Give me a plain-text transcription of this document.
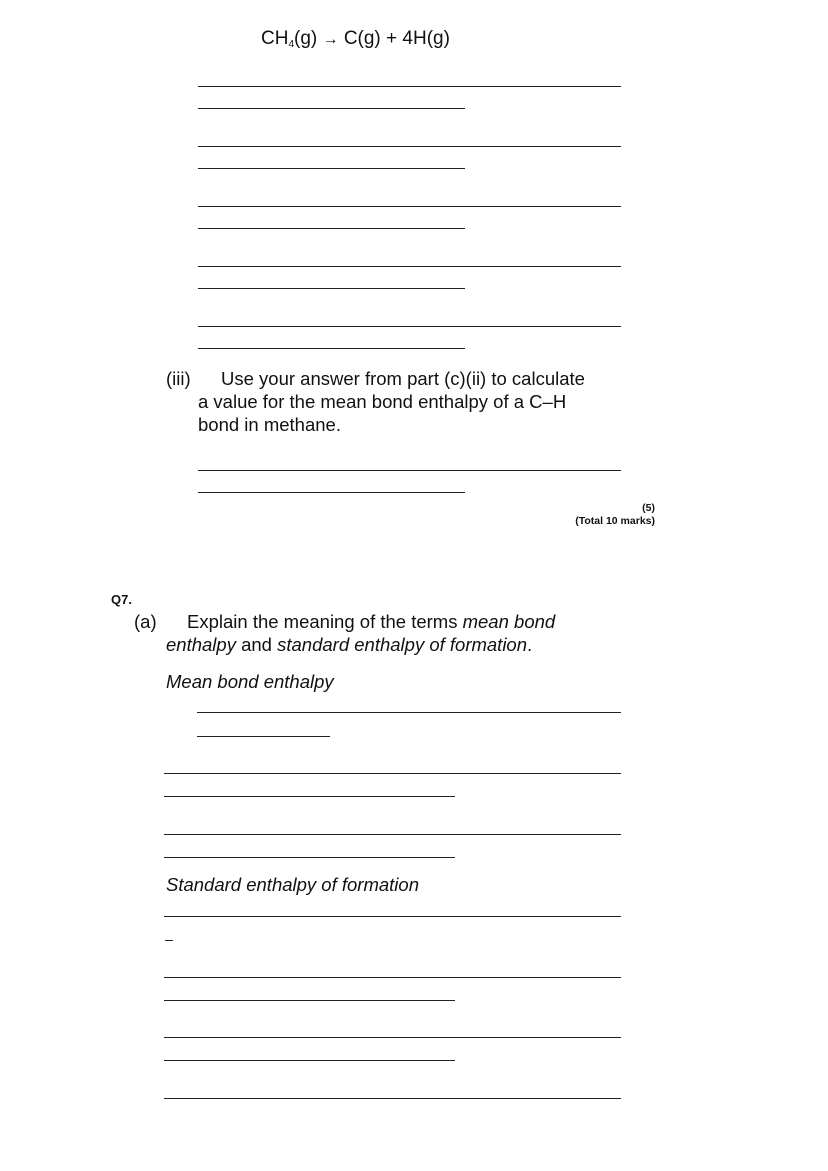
$CH_4(g) \to C(g) + 4H(g)$
(iii) Use your answer from part (c)(ii) to calculate
a value for the mean bond enthalpy of a C–H
bond in methane.
(5)
(Total 10 marks)
Q7.
(a) Explain the meaning of the terms mean bond
enthalpy and standard enthalpy of formation.
Mean bond enthalpy
Standard enthalpy of formation
